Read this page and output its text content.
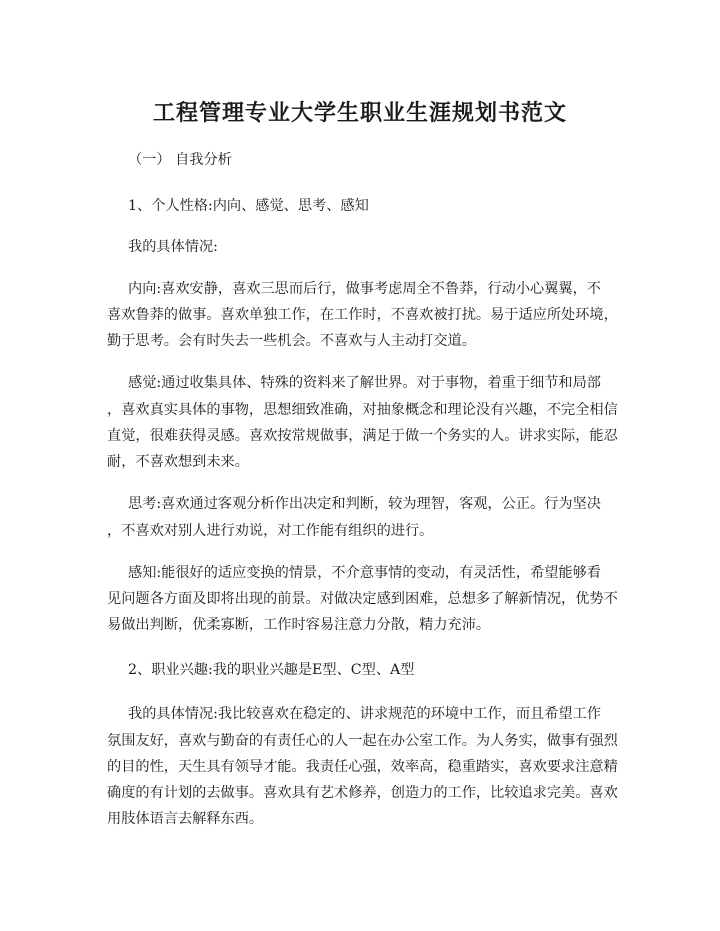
工程管理专业大学生职业生涯规划书范文
（一） 自我分析
1、个人性格:内向、感觉、思考、感知
我的具体情况:
内向:喜欢安静，喜欢三思而后行，做事考虑周全不鲁莽，行动小心翼翼，不
喜欢鲁莽的做事。喜欢单独工作，在工作时，不喜欢被打扰。易于适应所处环境，
勤于思考。会有时失去一些机会。不喜欢与人主动打交道。
感觉:通过收集具体、特殊的资料来了解世界。对于事物，着重于细节和局部
，喜欢真实具体的事物，思想细致准确，对抽象概念和理论没有兴趣，不完全相信
直觉，很难获得灵感。喜欢按常规做事，满足于做一个务实的人。讲求实际，能忍
耐，不喜欢想到未来。
思考:喜欢通过客观分析作出决定和判断，较为理智，客观，公正。行为坚决
，不喜欢对别人进行劝说，对工作能有组织的进行。
感知:能很好的适应变换的情景，不介意事情的变动，有灵活性，希望能够看
见问题各方面及即将出现的前景。对做决定感到困难，总想多了解新情况，优势不
易做出判断，优柔寡断，工作时容易注意力分散，精力充沛。
2、职业兴趣:我的职业兴趣是E型、C型、A型
我的具体情况:我比较喜欢在稳定的、讲求规范的环境中工作，而且希望工作
氛围友好，喜欢与勤奋的有责任心的人一起在办公室工作。为人务实，做事有强烈
的目的性，天生具有领导才能。我责任心强，效率高，稳重踏实，喜欢要求注意精
确度的有计划的去做事。喜欢具有艺术修养，创造力的工作，比较追求完美。喜欢
用肢体语言去解释东西。
